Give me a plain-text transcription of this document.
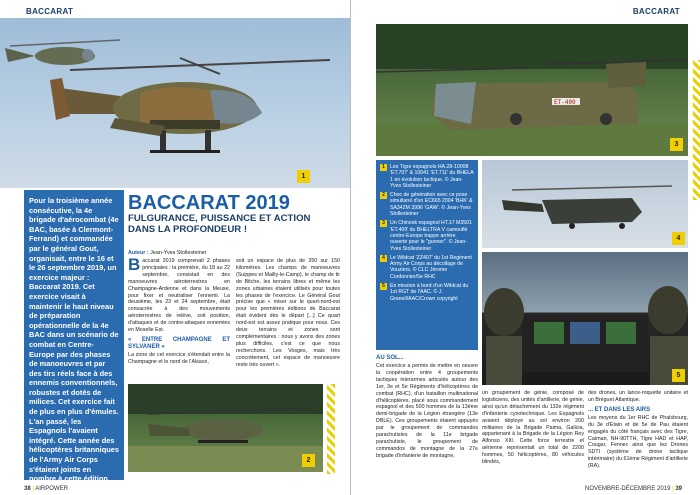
BACCARAT
1
Pour la troisième année consécutive, la 4e brigade d'aérocombat (4e BAC, basée à Clermont-Ferrand) et commandée par le général Gout, organisait, entre le 16 et le 26 septembre 2019, un exercice majeur : Baccarat 2019. Cet exercice visait à maintenir le haut niveau de préparation opérationnelle de la 4e BAC dans un scénario de combat en Centre-Europe par des phases de manoeuvres et par des tirs réels face à des ennemis conventionnels, robustes et dotés de milices. Cet exercice fait de plus en plus d'émules. L'an passé, les Espagnols l'avaient intégré. Cette année des hélicoptères britanniques de l'Army Air Corps s'étaient joints en nombre à cette édition.
BACCARAT 2019
FULGURANCE, PUISSANCE ET ACTION DANS LA PROFONDEUR !
Auteur : Jean-Yves Stollesteiner
Baccarat 2019 comprenait 2 phases principales : la première, du 18 au 22 septembre, consistait en des manoeuvres aéroterrestres en Champagne-Ardenne et dans la Meuse, pour fixer et neutraliser l'ennemi. La deuxième, les 23 et 24 septembre, était consacrée à des mouvements aéroterrestres de relève, soit position, d'attaques et de contre-attaques ennemies en Moselle Est.
« ENTRE CHAMPAGNE ET SYLVANER »
La zone de cet exercice s'étendait entre la Champagne et le nord de l'Alsace,
soit un espace de plus de 350 sur 150 kilomètres. Les champs de manoeuvres (Suippes et Mailly-le-Camp), le champ de tir de Bitche, les terrains libres et même les zones urbaines étaient utilisés pour toutes les phases de l'exercice. Le Général Gout précise que « miser sur le quart-nord-est pour les premières éditions de Baccarat était évident dès le départ [...] Ce quart nord-est est assez pratique pour nous. Ces deux terrains et zones sont complémentaires : nous y avons des zones plus difficiles, c'est ce que nous recherchons. Les Vosges, mais très concrètement, cet espace de manoeuvre reste très ouvert ».
2
38 | AIRPOWER
BACCARAT
ET-409
3
1 Les Tigre espagnols HA.28-10008 'ET.707' & 10041 'ET.711' du BHELA 1 en évolution tactique. © Jean-Yves Stollesteiner
2 Choc de génération avec ce pose simultané d'un EC665 2004 'BHK' & SA342M 3996 'GAW'. © Jean-Yves Stollesteiner
3 Un Chinook espagnol HT.17 M3501 'ET.409' du BHELTRA V camouflé centre-Europe trappe arrière ouverte pour le "gunner". © Jean-Yves Stollesteiner
4 Le Wildcat 'ZZ407' du 1st Regiment Army Air Corps au décollage de Vouziers. © CLC Jérome Cordonnier/5e RHC
5 En mission à bord d'un Wildcat du 1st RGT de l'AAC. © J. Granell/AAC/Crown copyright
4
5
AU SOL...
Cet exercice a permis de mettre en oeuvre la coopération entre 4 groupements tactiques interarmes articulés autour des 1er, 3e et 5e Régiments d'hélicoptères de combat (RHC), d'un bataillon multinational d'hélicoptères, placé sous commandement espagnol et des 500 hommes de la 13ème demi-brigade de la Légion étrangère (13e DBLE). Ces groupements étaient appuyés par le groupement de commandos parachutistes de la 11e brigade parachutiste, le groupement de commandos de montagne de la 27e brigade d'infanterie de montagne,
un groupement de génie, composé de logisticiens, des unités d'artillerie, de génie, ainsi qu'un détachement du 132e régiment d'infanterie cynotechnique. Les Espagnols avaient déployé au sol environ 200 militaires de la Brigade Paima, Galicia, appartenant à la Brigade de la Légion Rey Alfonso XIII. Cette force terrestre et aérienne représentait un total de 2200 hommes, 50 hélicoptères, 80 véhicules blindés,
des drones, un lance-roquette unitaire et un Bréguet Atlantique.
... ET DANS LES AIRS
Les moyens du 1er RHC de Phalsbourg, du 3e d'Etain et de 5e de Pau étaient engagés du côté français avec des Tigre, Caïman, NH-90TTH, Tigre HAD et HAP, Cougar, Fennec ainsi que les Drones SDTI (système de drone tactique intérimaire) du 61ème Régiment d'artillerie (RA).
NOVEMBRE-DÉCEMBRE 2019 | 39
